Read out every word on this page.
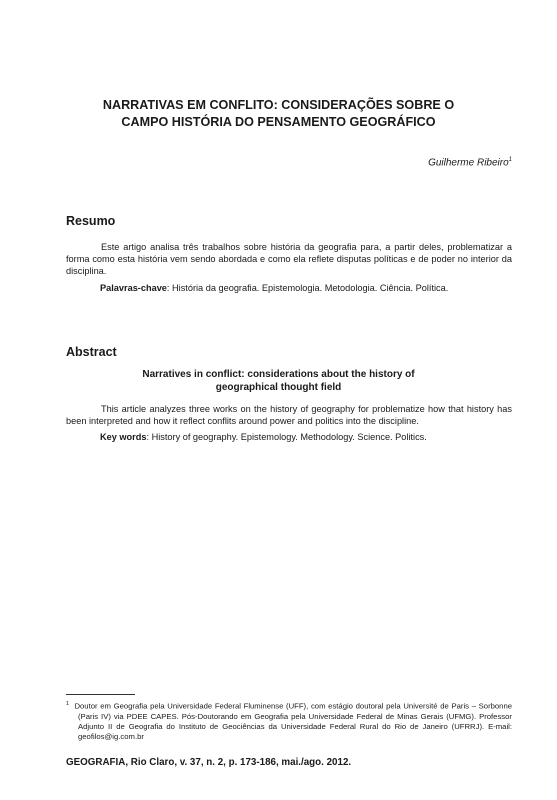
NARRATIVAS EM CONFLITO: CONSIDERAÇÕES SOBRE O
CAMPO HISTÓRIA DO PENSAMENTO GEOGRÁFICO
Guilherme Ribeiro$^1$
Resumo
Este artigo analisa três trabalhos sobre história da geografia para, a partir deles, problematizar a forma como esta história vem sendo abordada e como ela reflete disputas políticas e de poder no interior da disciplina.
Palavras-chave: História da geografia. Epistemologia. Metodologia. Ciência. Política.
Abstract
Narratives in conflict: considerations about the history of
geographical thought field
This article analyzes three works on the history of geography for problematize how that history has been interpreted and how it reflect conflits around power and politics into the discipline.
Key words: History of geography. Epistemology. Methodology. Science. Politics.
$^1$ Doutor em Geografia pela Universidade Federal Fluminense (UFF), com estágio doutoral pela Université de Paris – Sorbonne (Paris IV) via PDEE CAPES. Pós-Doutorando em Geografia pela Universidade Federal de Minas Gerais (UFMG). Professor Adjunto II de Geografia do Instituto de Geociências da Universidade Federal Rural do Rio de Janeiro (UFRRJ). E-mail: geofilos@ig.com.br
GEOGRAFIA, Rio Claro, v. 37, n. 2, p. 173-186, mai./ago. 2012.
